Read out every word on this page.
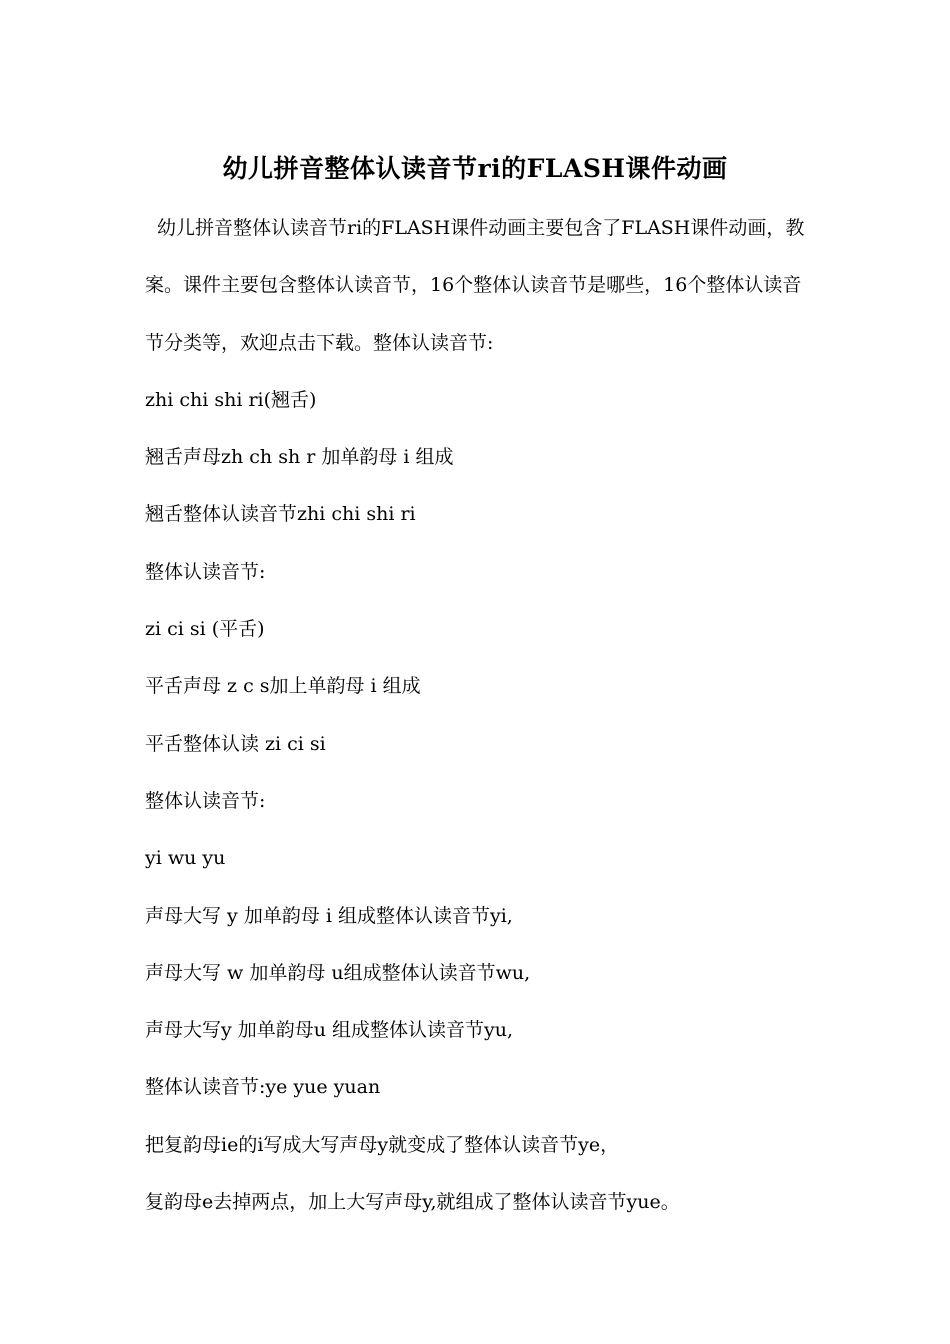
幼儿拼音整体认读音节ri的FLASH课件动画

幼儿拼音整体认读音节ri的FLASH课件动画主要包含了FLASH课件动画，教案。课件主要包含整体认读音节，16个整体认读音节是哪些，16个整体认读音节分类等，欢迎点击下载。整体认读音节:

zhi chi shi ri(翘舌)

翘舌声母zh ch sh r 加单韵母 i 组成

翘舌整体认读音节zhi chi shi ri

整体认读音节:

zi ci si (平舌)

平舌声母 z c s加上单韵母 i 组成

平舌整体认读 zi ci si

整体认读音节:

yi wu yu

声母大写 y 加单韵母 i 组成整体认读音节yi,

声母大写 w 加单韵母 u组成整体认读音节wu,

声母大写y 加单韵母u 组成整体认读音节yu,

整体认读音节:ye yue yuan

把复韵母ie的i写成大写声母y就变成了整体认读音节ye，

复韵母e去掉两点，加上大写声母y,就组成了整体认读音节yue。
